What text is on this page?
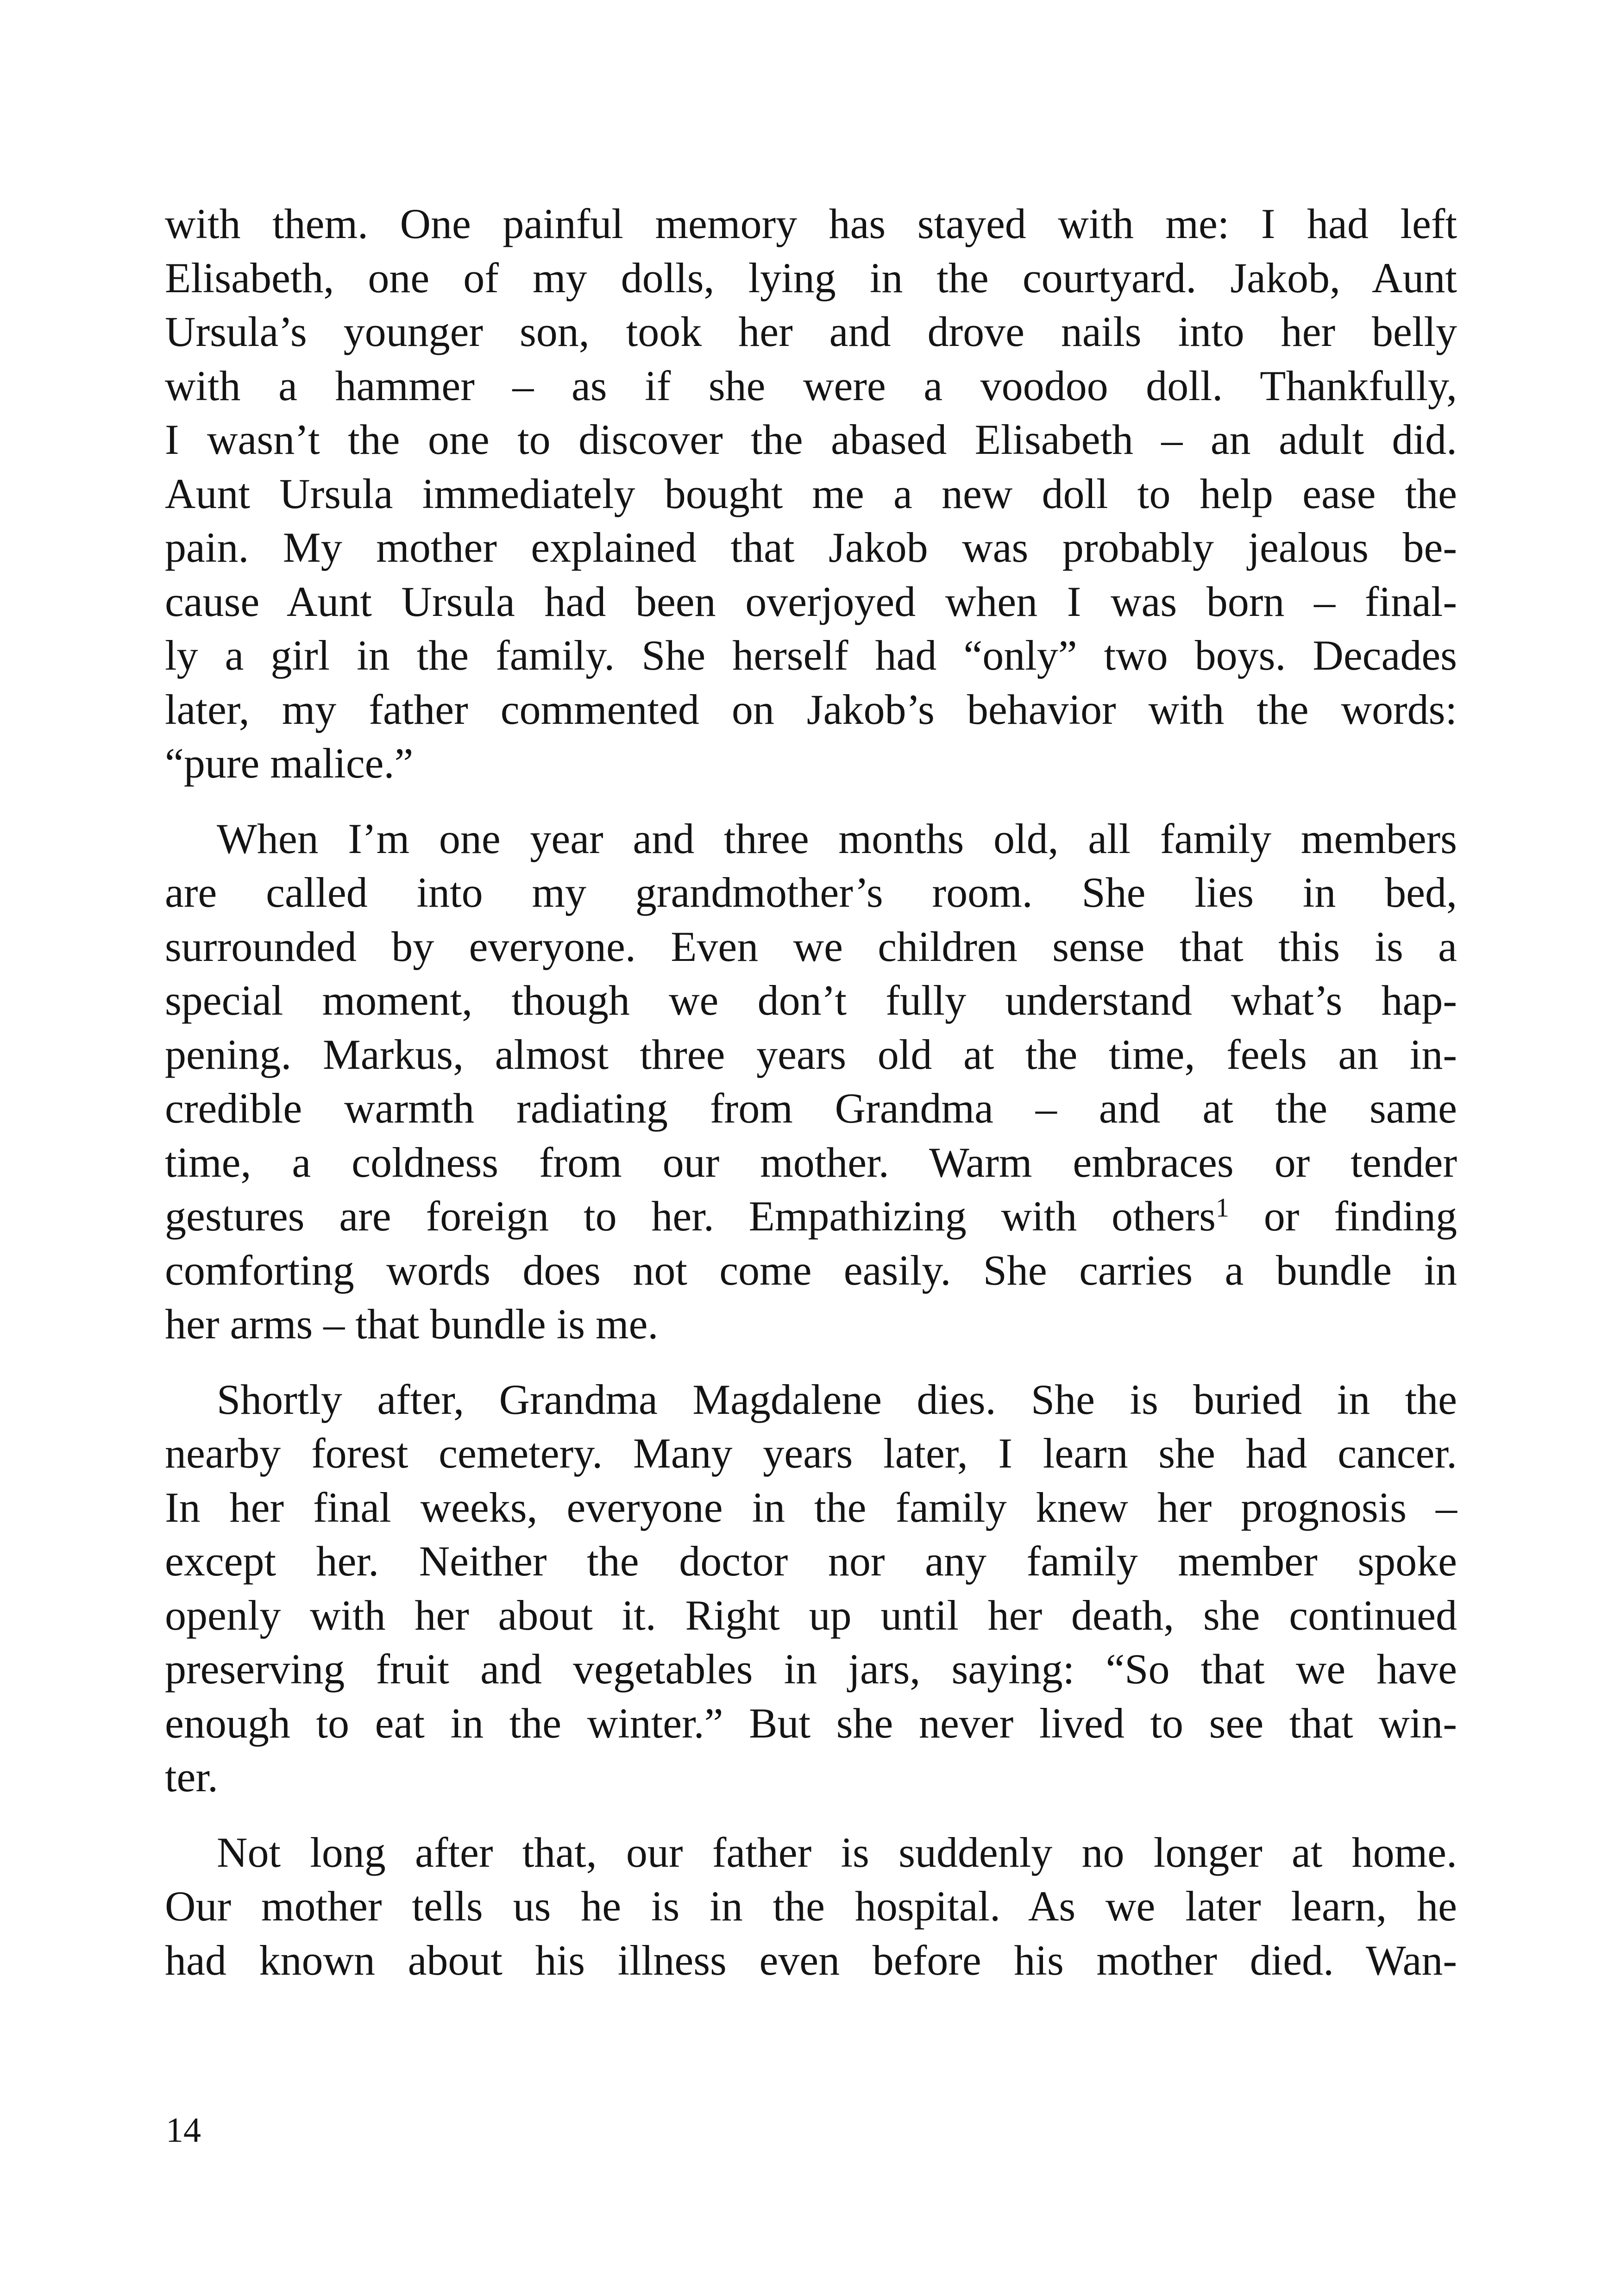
with them. One painful memory has stayed with me: I had left
Elisabeth, one of my dolls, lying in the courtyard. Jakob, Aunt
Ursula’s younger son, took her and drove nails into her belly
with a hammer – as if she were a voodoo doll. Thankfully,
I wasn’t the one to discover the abased Elisabeth – an adult did.
Aunt Ursula immediately bought me a new doll to help ease the
pain. My mother explained that Jakob was probably jealous be-
cause Aunt Ursula had been overjoyed when I was born – final-
ly a girl in the family. She herself had “only” two boys. Decades
later, my father commented on Jakob’s behavior with the words:
“pure malice.”

When I’m one year and three months old, all family members
are called into my grandmother’s room. She lies in bed,
surrounded by everyone. Even we children sense that this is a
special moment, though we don’t fully understand what’s hap-
pening. Markus, almost three years old at the time, feels an in-
credible warmth radiating from Grandma – and at the same
time, a coldness from our mother. Warm embraces or tender
gestures are foreign to her. Empathizing with others$^1$ or finding
comforting words does not come easily. She carries a bundle in
her arms – that bundle is me.

Shortly after, Grandma Magdalene dies. She is buried in the
nearby forest cemetery. Many years later, I learn she had cancer.
In her final weeks, everyone in the family knew her prognosis –
except her. Neither the doctor nor any family member spoke
openly with her about it. Right up until her death, she continued
preserving fruit and vegetables in jars, saying: “So that we have
enough to eat in the winter.” But she never lived to see that win-
ter.

Not long after that, our father is suddenly no longer at home.
Our mother tells us he is in the hospital. As we later learn, he
had known about his illness even before his mother died. Wan-

14
